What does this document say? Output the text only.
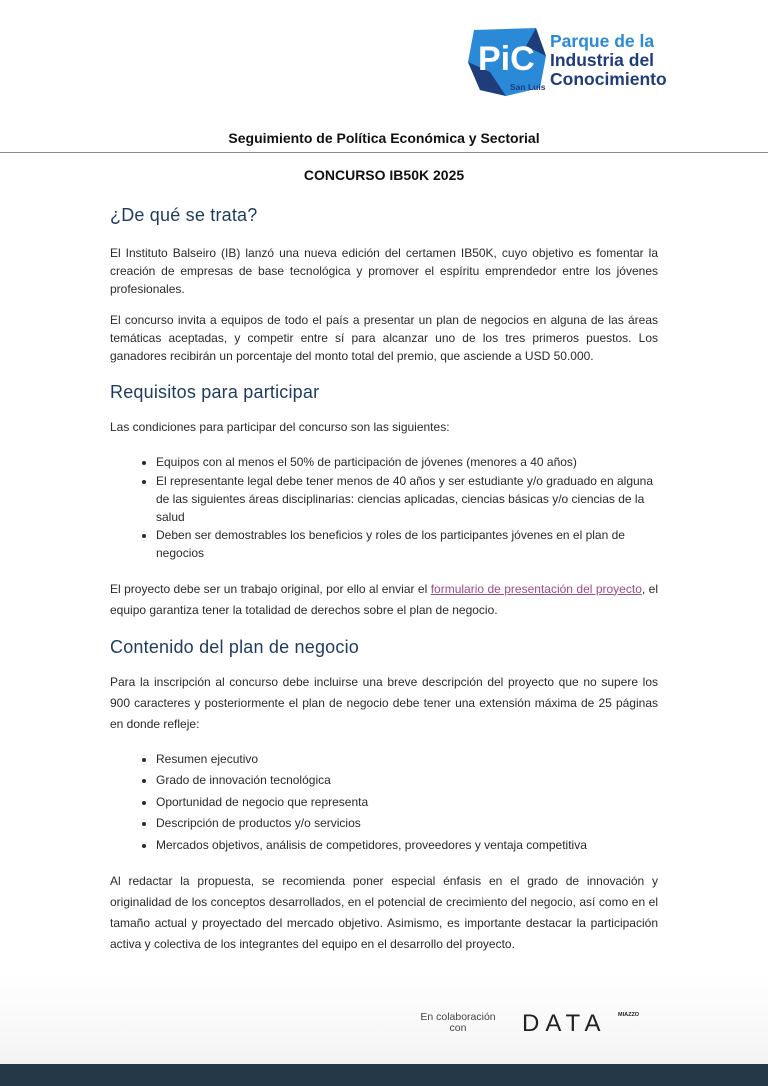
PiC
San Luis
Parque de la
Industria del
Conocimiento
Seguimiento de Política Económica y Sectorial
CONCURSO IB50K 2025
¿De qué se trata?

El Instituto Balseiro (IB) lanzó una nueva edición del certamen IB50K, cuyo objetivo es fomentar la creación de empresas de base tecnológica y promover el espíritu emprendedor entre los jóvenes profesionales.

El concurso invita a equipos de todo el país a presentar un plan de negocios en alguna de las áreas temáticas aceptadas, y competir entre sí para alcanzar uno de los tres primeros puestos. Los ganadores recibirán un porcentaje del monto total del premio, que asciende a USD 50.000.

Requisitos para participar

Las condiciones para participar del concurso son las siguientes:

• Equipos con al menos el 50% de participación de jóvenes (menores a 40 años)
• El representante legal debe tener menos de 40 años y ser estudiante y/o graduado en alguna de las siguientes áreas disciplinarias: ciencias aplicadas, ciencias básicas y/o ciencias de la salud
• Deben ser demostrables los beneficios y roles de los participantes jóvenes en el plan de negocios

El proyecto debe ser un trabajo original, por ello al enviar el formulario de presentación del proyecto, el equipo garantiza tener la totalidad de derechos sobre el plan de negocio.

Contenido del plan de negocio

Para la inscripción al concurso debe incluirse una breve descripción del proyecto que no supere los 900 caracteres y posteriormente el plan de negocio debe tener una extensión máxima de 25 páginas en donde refleje:

• Resumen ejecutivo
• Grado de innovación tecnológica
• Oportunidad de negocio que representa
• Descripción de productos y/o servicios
• Mercados objetivos, análisis de competidores, proveedores y ventaja competitiva

Al redactar la propuesta, se recomienda poner especial énfasis en el grado de innovación y originalidad de los conceptos desarrollados, en el potencial de crecimiento del negocio, así como en el tamaño actual y proyectado del mercado objetivo. Asimismo, es importante destacar la participación activa y colectiva de los integrantes del equipo en el desarrollo del proyecto.

En colaboración
con	DATA MIAZZO
